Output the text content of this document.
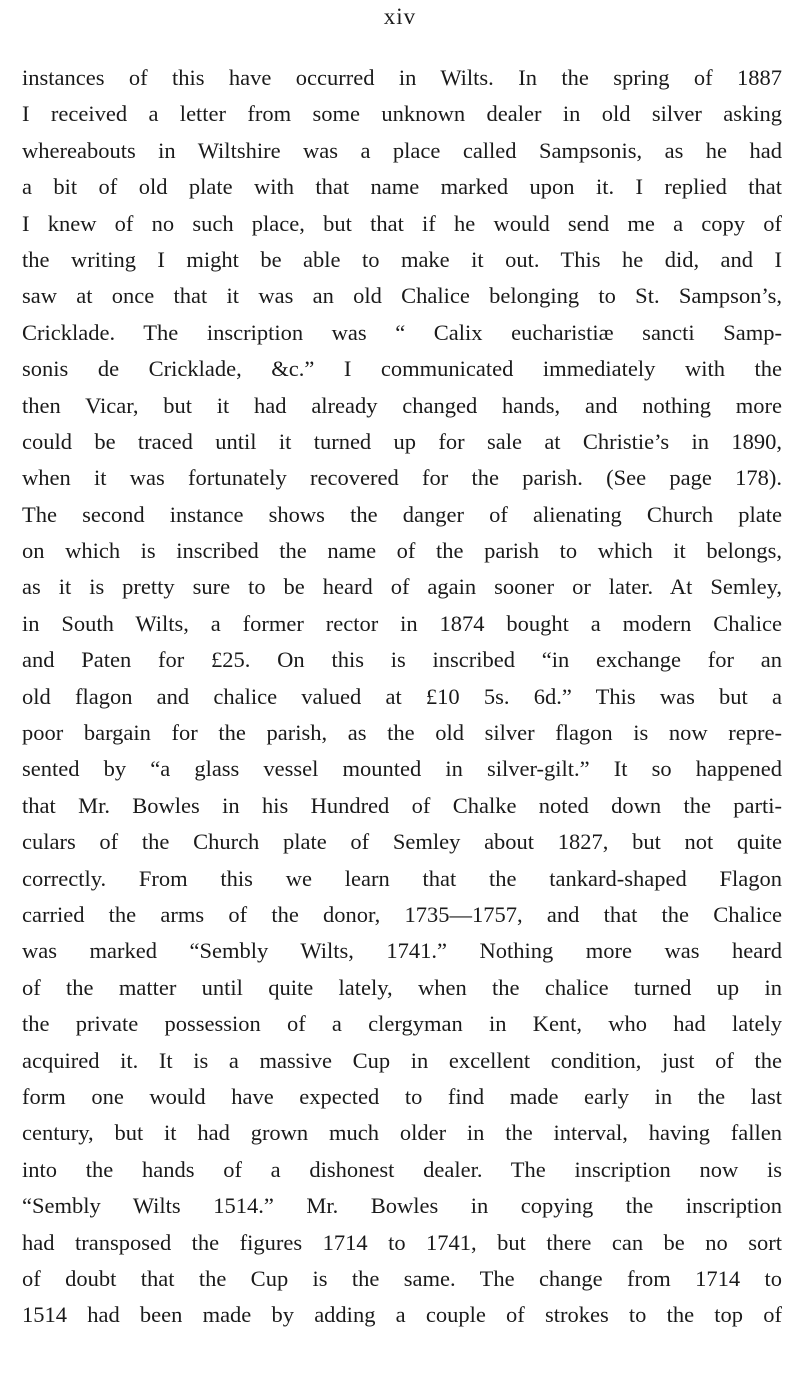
xiv
instances of this have occurred in Wilts. In the spring of 1887
I received a letter from some unknown dealer in old silver asking
whereabouts in Wiltshire was a place called Sampsonis, as he had
a bit of old plate with that name marked upon it. I replied that
I knew of no such place, but that if he would send me a copy of
the writing I might be able to make it out. This he did, and I
saw at once that it was an old Chalice belonging to St. Sampson’s,
Cricklade. The inscription was “ Calix eucharistiæ sancti Samp-
sonis de Cricklade, &c.” I communicated immediately with the
then Vicar, but it had already changed hands, and nothing more
could be traced until it turned up for sale at Christie’s in 1890,
when it was fortunately recovered for the parish. (See page 178).
The second instance shows the danger of alienating Church plate
on which is inscribed the name of the parish to which it belongs,
as it is pretty sure to be heard of again sooner or later. At Semley,
in South Wilts, a former rector in 1874 bought a modern Chalice
and Paten for £25. On this is inscribed “in exchange for an
old flagon and chalice valued at £10 5s. 6d.” This was but a
poor bargain for the parish, as the old silver flagon is now repre-
sented by “a glass vessel mounted in silver-gilt.” It so happened
that Mr. Bowles in his Hundred of Chalke noted down the parti-
culars of the Church plate of Semley about 1827, but not quite
correctly. From this we learn that the tankard-shaped Flagon
carried the arms of the donor, 1735—1757, and that the Chalice
was marked “Sembly Wilts, 1741.” Nothing more was heard
of the matter until quite lately, when the chalice turned up in
the private possession of a clergyman in Kent, who had lately
acquired it. It is a massive Cup in excellent condition, just of the
form one would have expected to find made early in the last
century, but it had grown much older in the interval, having fallen
into the hands of a dishonest dealer. The inscription now is
“Sembly Wilts 1514.” Mr. Bowles in copying the inscription
had transposed the figures 1714 to 1741, but there can be no sort
of doubt that the Cup is the same. The change from 1714 to
1514 had been made by adding a couple of strokes to the top of
